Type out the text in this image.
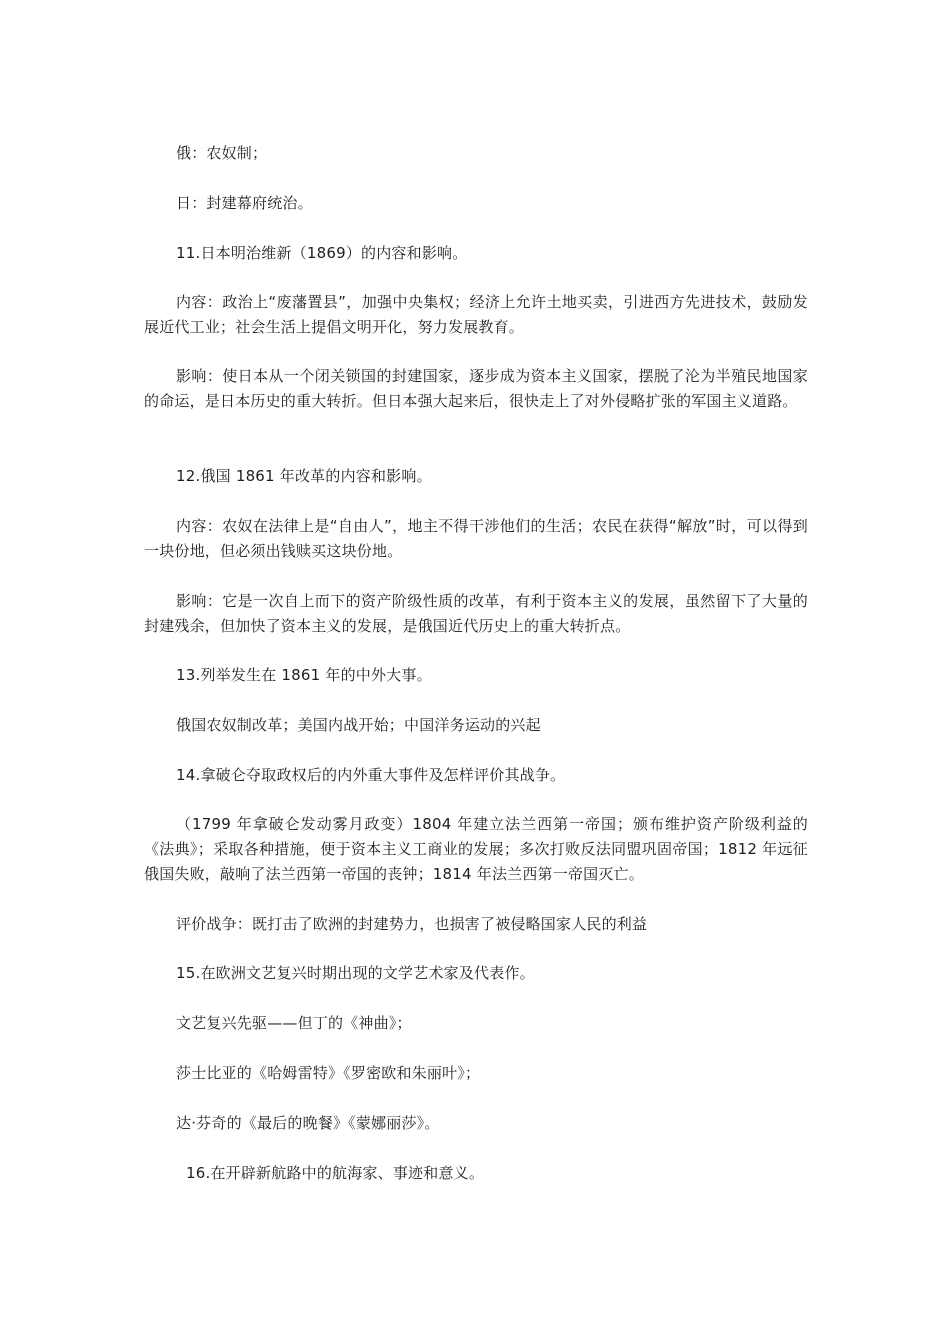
俄：农奴制；

日：封建幕府统治。

11.日本明治维新（1869）的内容和影响。

内容：政治上“废藩置县”，加强中央集权；经济上允许土地买卖，引进西方先进技术，鼓励发展近代工业；社会生活上提倡文明开化，努力发展教育。

影响：使日本从一个闭关锁国的封建国家，逐步成为资本主义国家，摆脱了沦为半殖民地国家的命运，是日本历史的重大转折。但日本强大起来后，很快走上了对外侵略扩张的军国主义道路。

12.俄国 1861 年改革的内容和影响。

内容：农奴在法律上是“自由人”，地主不得干涉他们的生活；农民在获得“解放”时，可以得到一块份地，但必须出钱赎买这块份地。

影响：它是一次自上而下的资产阶级性质的改革，有利于资本主义的发展，虽然留下了大量的封建残余，但加快了资本主义的发展，是俄国近代历史上的重大转折点。

13.列举发生在 1861 年的中外大事。

俄国农奴制改革；美国内战开始；中国洋务运动的兴起

14.拿破仑夺取政权后的内外重大事件及怎样评价其战争。

（1799 年拿破仑发动雾月政变）1804 年建立法兰西第一帝国；颁布维护资产阶级利益的《法典》；采取各种措施，便于资本主义工商业的发展；多次打败反法同盟巩固帝国；1812 年远征俄国失败，敲响了法兰西第一帝国的丧钟；1814 年法兰西第一帝国灭亡。

评价战争：既打击了欧洲的封建势力，也损害了被侵略国家人民的利益

15.在欧洲文艺复兴时期出现的文学艺术家及代表作。

文艺复兴先驱——但丁的《神曲》；

莎士比亚的《哈姆雷特》《罗密欧和朱丽叶》；

达·芬奇的《最后的晚餐》《蒙娜丽莎》。

16.在开辟新航路中的航海家、事迹和意义。
